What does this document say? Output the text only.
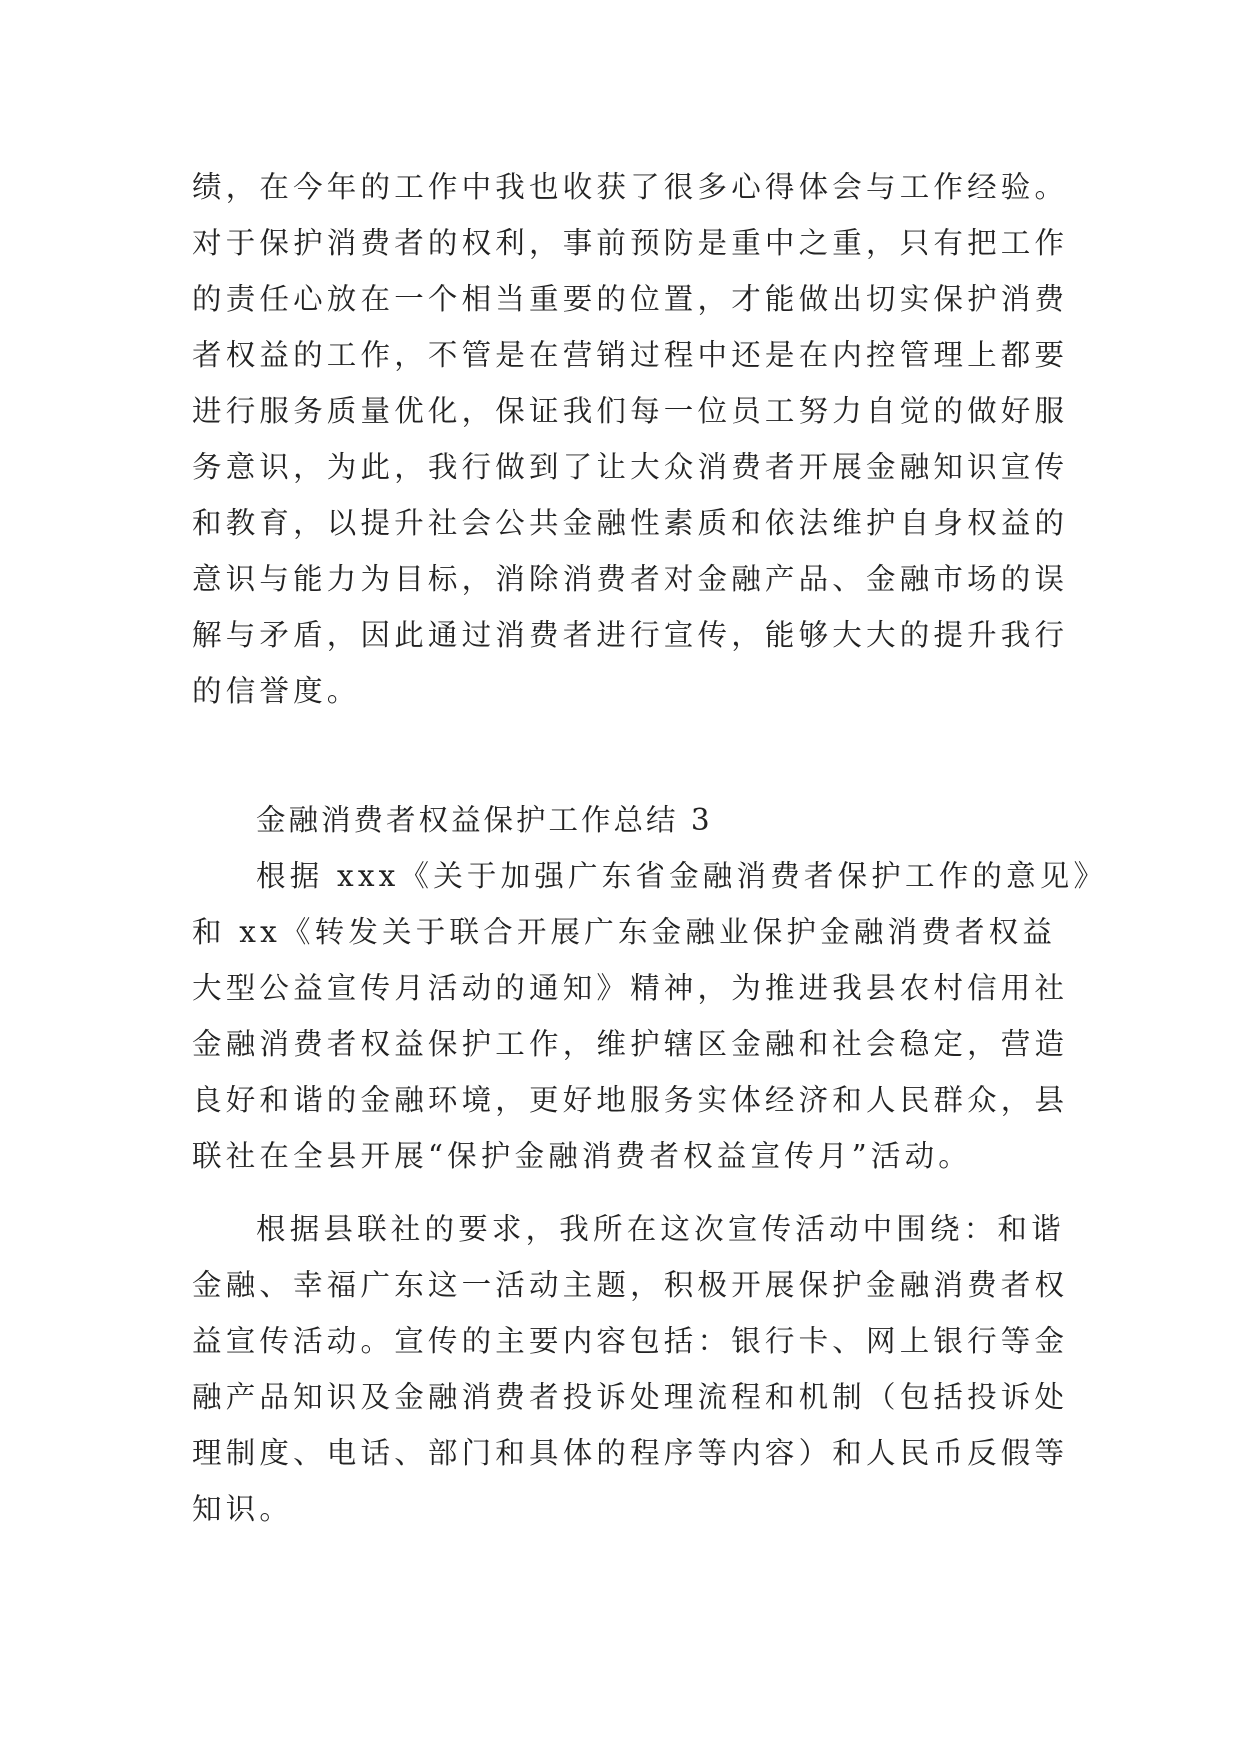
绩，在今年的工作中我也收获了很多心得体会与工作经验。
对于保护消费者的权利，事前预防是重中之重，只有把工作
的责任心放在一个相当重要的位置，才能做出切实保护消费
者权益的工作，不管是在营销过程中还是在内控管理上都要
进行服务质量优化，保证我们每一位员工努力自觉的做好服
务意识，为此，我行做到了让大众消费者开展金融知识宣传
和教育，以提升社会公共金融性素质和依法维护自身权益的
意识与能力为目标，消除消费者对金融产品、金融市场的误
解与矛盾，因此通过消费者进行宣传，能够大大的提升我行
的信誉度。
金融消费者权益保护工作总结 3
根据 xxx《关于加强广东省金融消费者保护工作的意见》
和 xx《转发关于联合开展广东金融业保护金融消费者权益
大型公益宣传月活动的通知》精神，为推进我县农村信用社
金融消费者权益保护工作，维护辖区金融和社会稳定，营造
良好和谐的金融环境，更好地服务实体经济和人民群众，县
联社在全县开展“保护金融消费者权益宣传月”活动。
根据县联社的要求，我所在这次宣传活动中围绕：和谐
金融、幸福广东这一活动主题，积极开展保护金融消费者权
益宣传活动。宣传的主要内容包括：银行卡、网上银行等金
融产品知识及金融消费者投诉处理流程和机制（包括投诉处
理制度、电话、部门和具体的程序等内容）和人民币反假等
知识。
